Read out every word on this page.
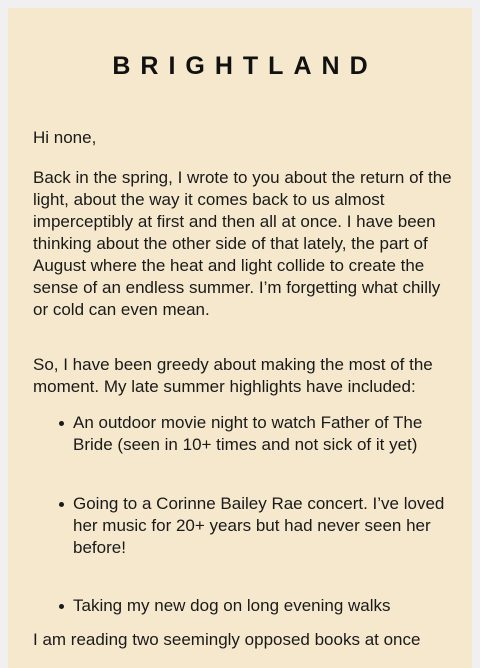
BRIGHTLAND

Hi none,

Back in the spring, I wrote to you about the return of the light, about the way it comes back to us almost imperceptibly at first and then all at once. I have been thinking about the other side of that lately, the part of August where the heat and light collide to create the sense of an endless summer. I’m forgetting what chilly or cold can even mean.

So, I have been greedy about making the most of the moment. My late summer highlights have included:

An outdoor movie night to watch Father of The Bride (seen in 10+ times and not sick of it yet)

Going to a Corinne Bailey Rae concert. I’ve loved her music for 20+ years but had never seen her before!

Taking my new dog on long evening walks

I am reading two seemingly opposed books at once
